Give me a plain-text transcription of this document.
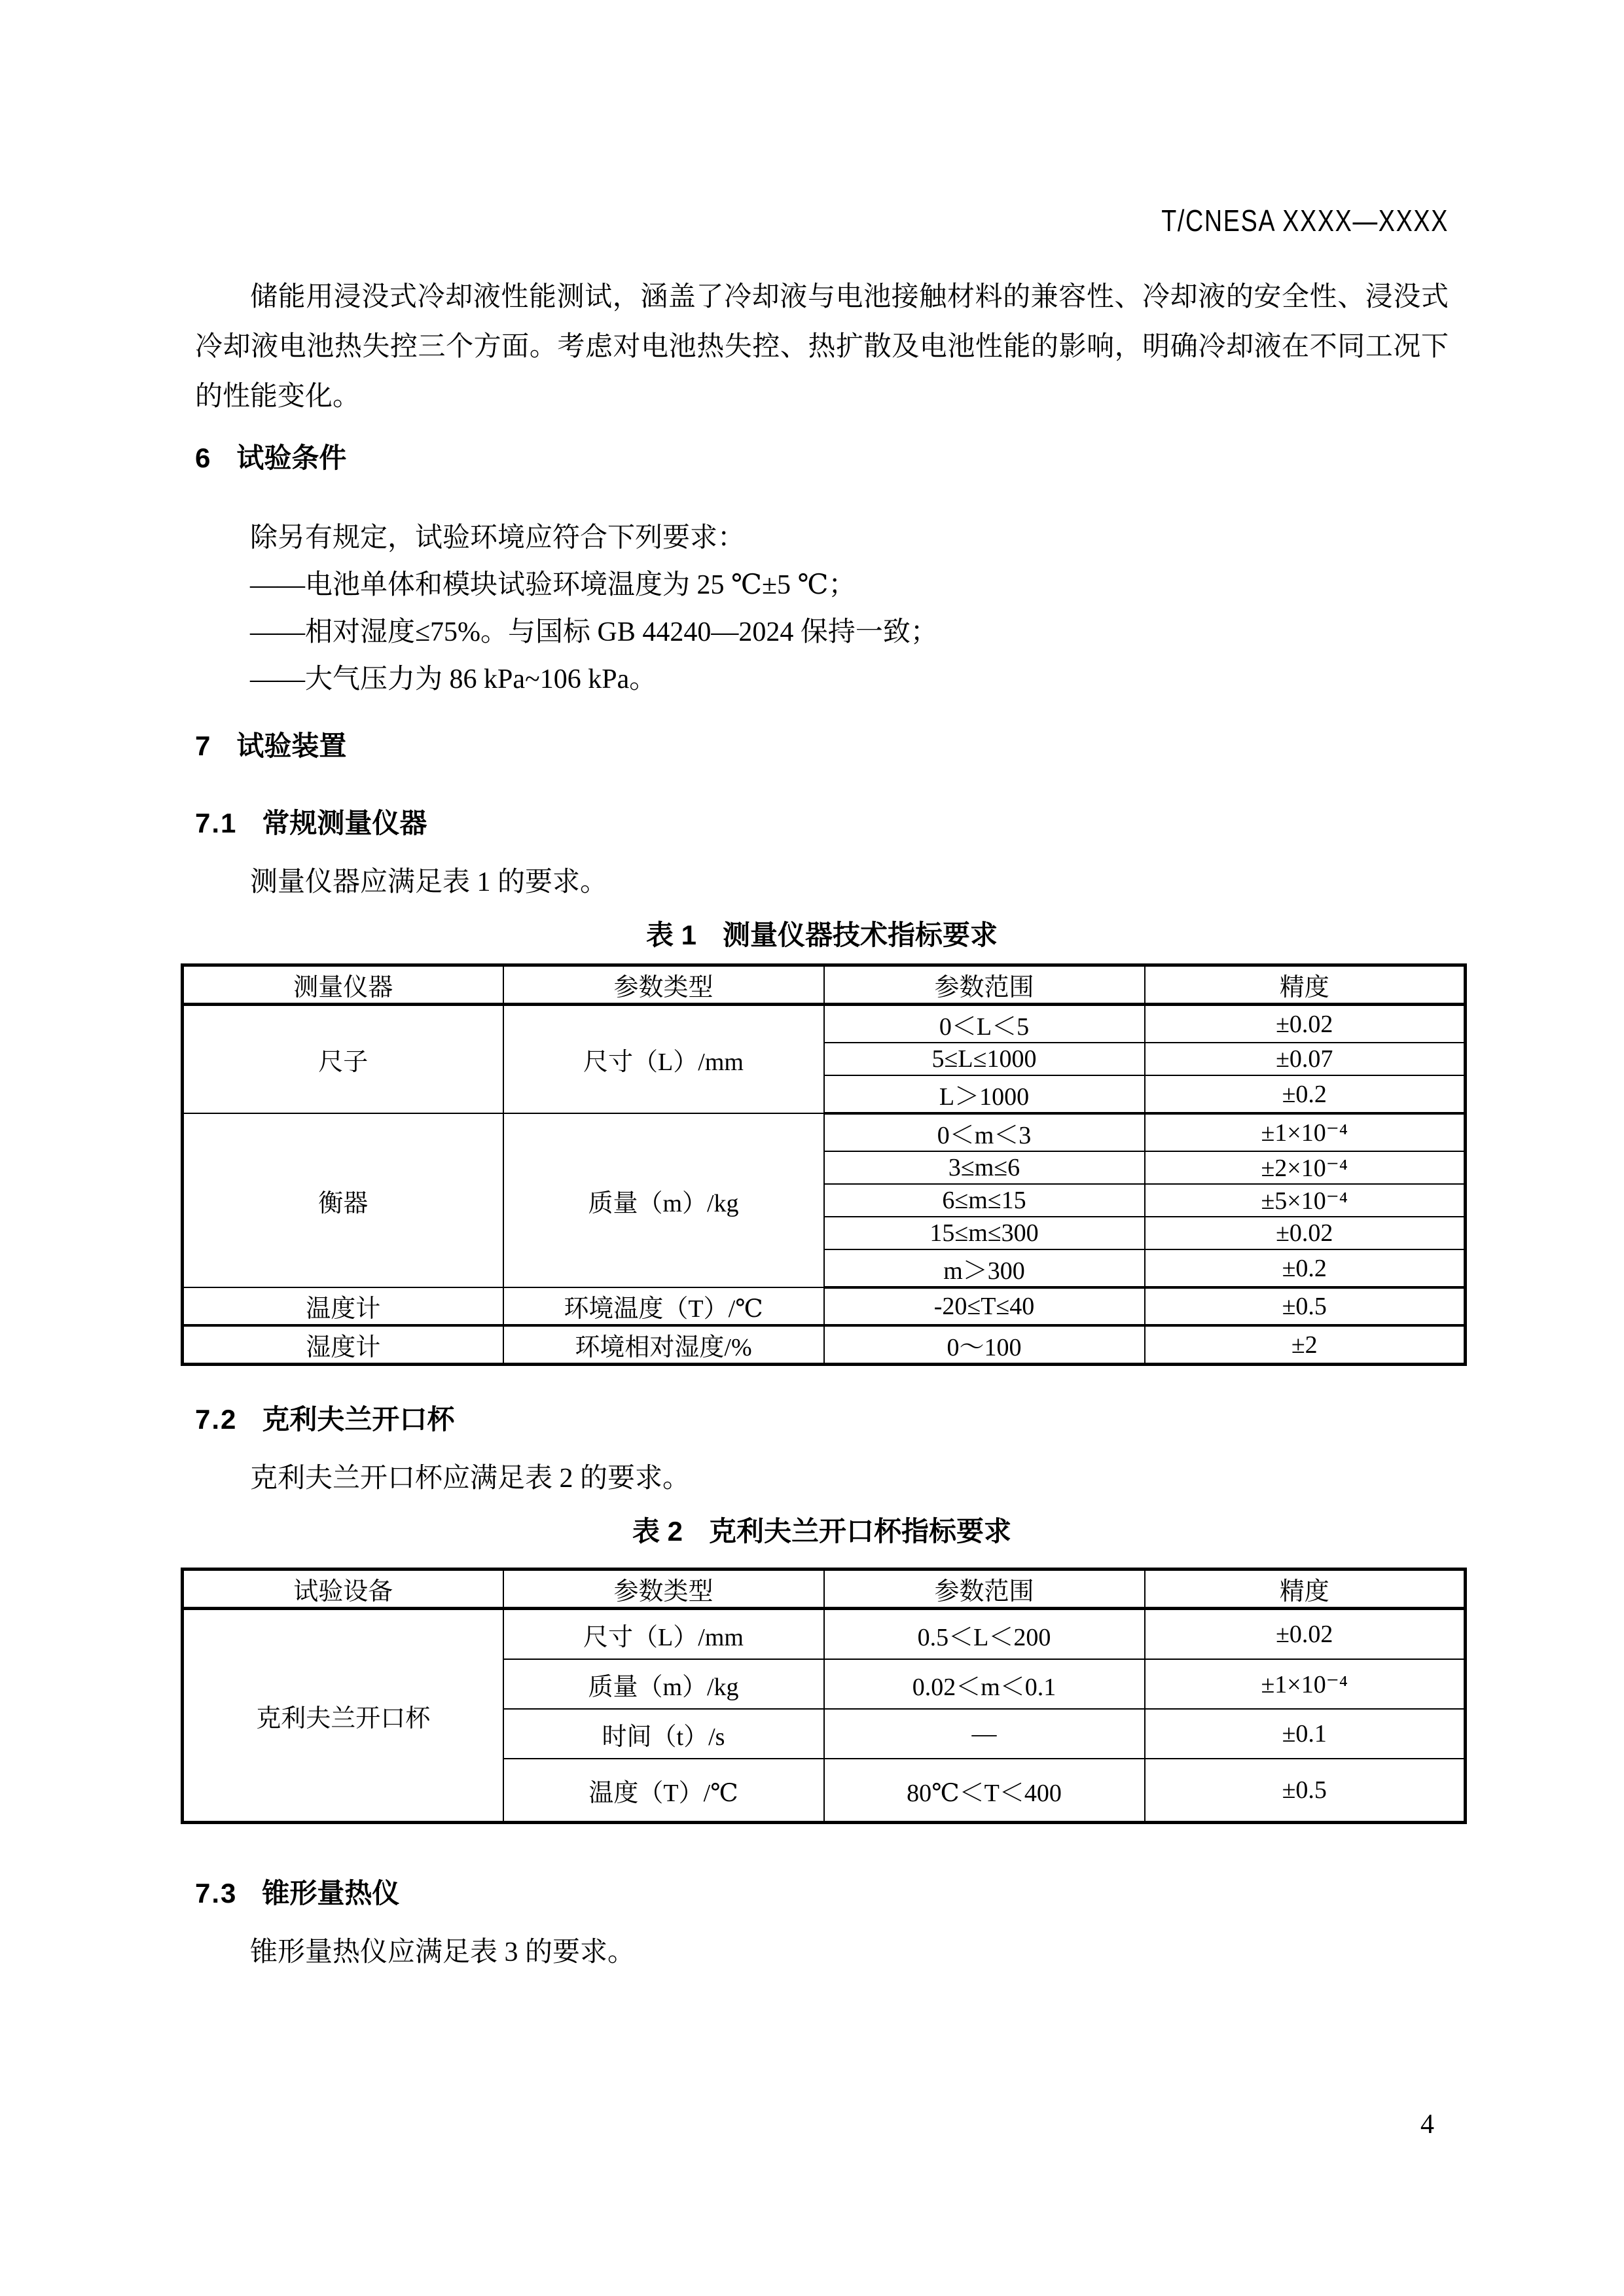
T/CNESA XXXX—XXXX
储能用浸没式冷却液性能测试，涵盖了冷却液与电池接触材料的兼容性、冷却液的安全性、浸没式冷却液电池热失控三个方面。考虑对电池热失控、热扩散及电池性能的影响，明确冷却液在不同工况下的性能变化。
6 试验条件
除另有规定，试验环境应符合下列要求：
——电池单体和模块试验环境温度为 25 ℃±5 ℃；
——相对湿度≤75%。与国标 GB 44240—2024 保持一致；
——大气压力为 86 kPa~106 kPa。
7 试验装置
7.1 常规测量仪器
测量仪器应满足表 1 的要求。
表 1 测量仪器技术指标要求
测量仪器	参数类型	参数范围	精度
尺子	尺寸（L）/mm	0＜L＜5	±0.02
		5≤L≤1000	±0.07
		L＞1000	±0.2
衡器	质量（m）/kg	0＜m＜3	±1×10⁻⁴
		3≤m≤6	±2×10⁻⁴
		6≤m≤15	±5×10⁻⁴
		15≤m≤300	±0.02
		m＞300	±0.2
温度计	环境温度（T）/℃	-20≤T≤40	±0.5
湿度计	环境相对湿度/%	0～100	±2
7.2 克利夫兰开口杯
克利夫兰开口杯应满足表 2 的要求。
表 2 克利夫兰开口杯指标要求
试验设备	参数类型	参数范围	精度
克利夫兰开口杯	尺寸（L）/mm	0.5＜L＜200	±0.02
	质量（m）/kg	0.02＜m＜0.1	±1×10⁻⁴
	时间（t）/s	—	±0.1
	温度（T）/℃	80℃＜T＜400	±0.5
7.3 锥形量热仪
锥形量热仪应满足表 3 的要求。
4
